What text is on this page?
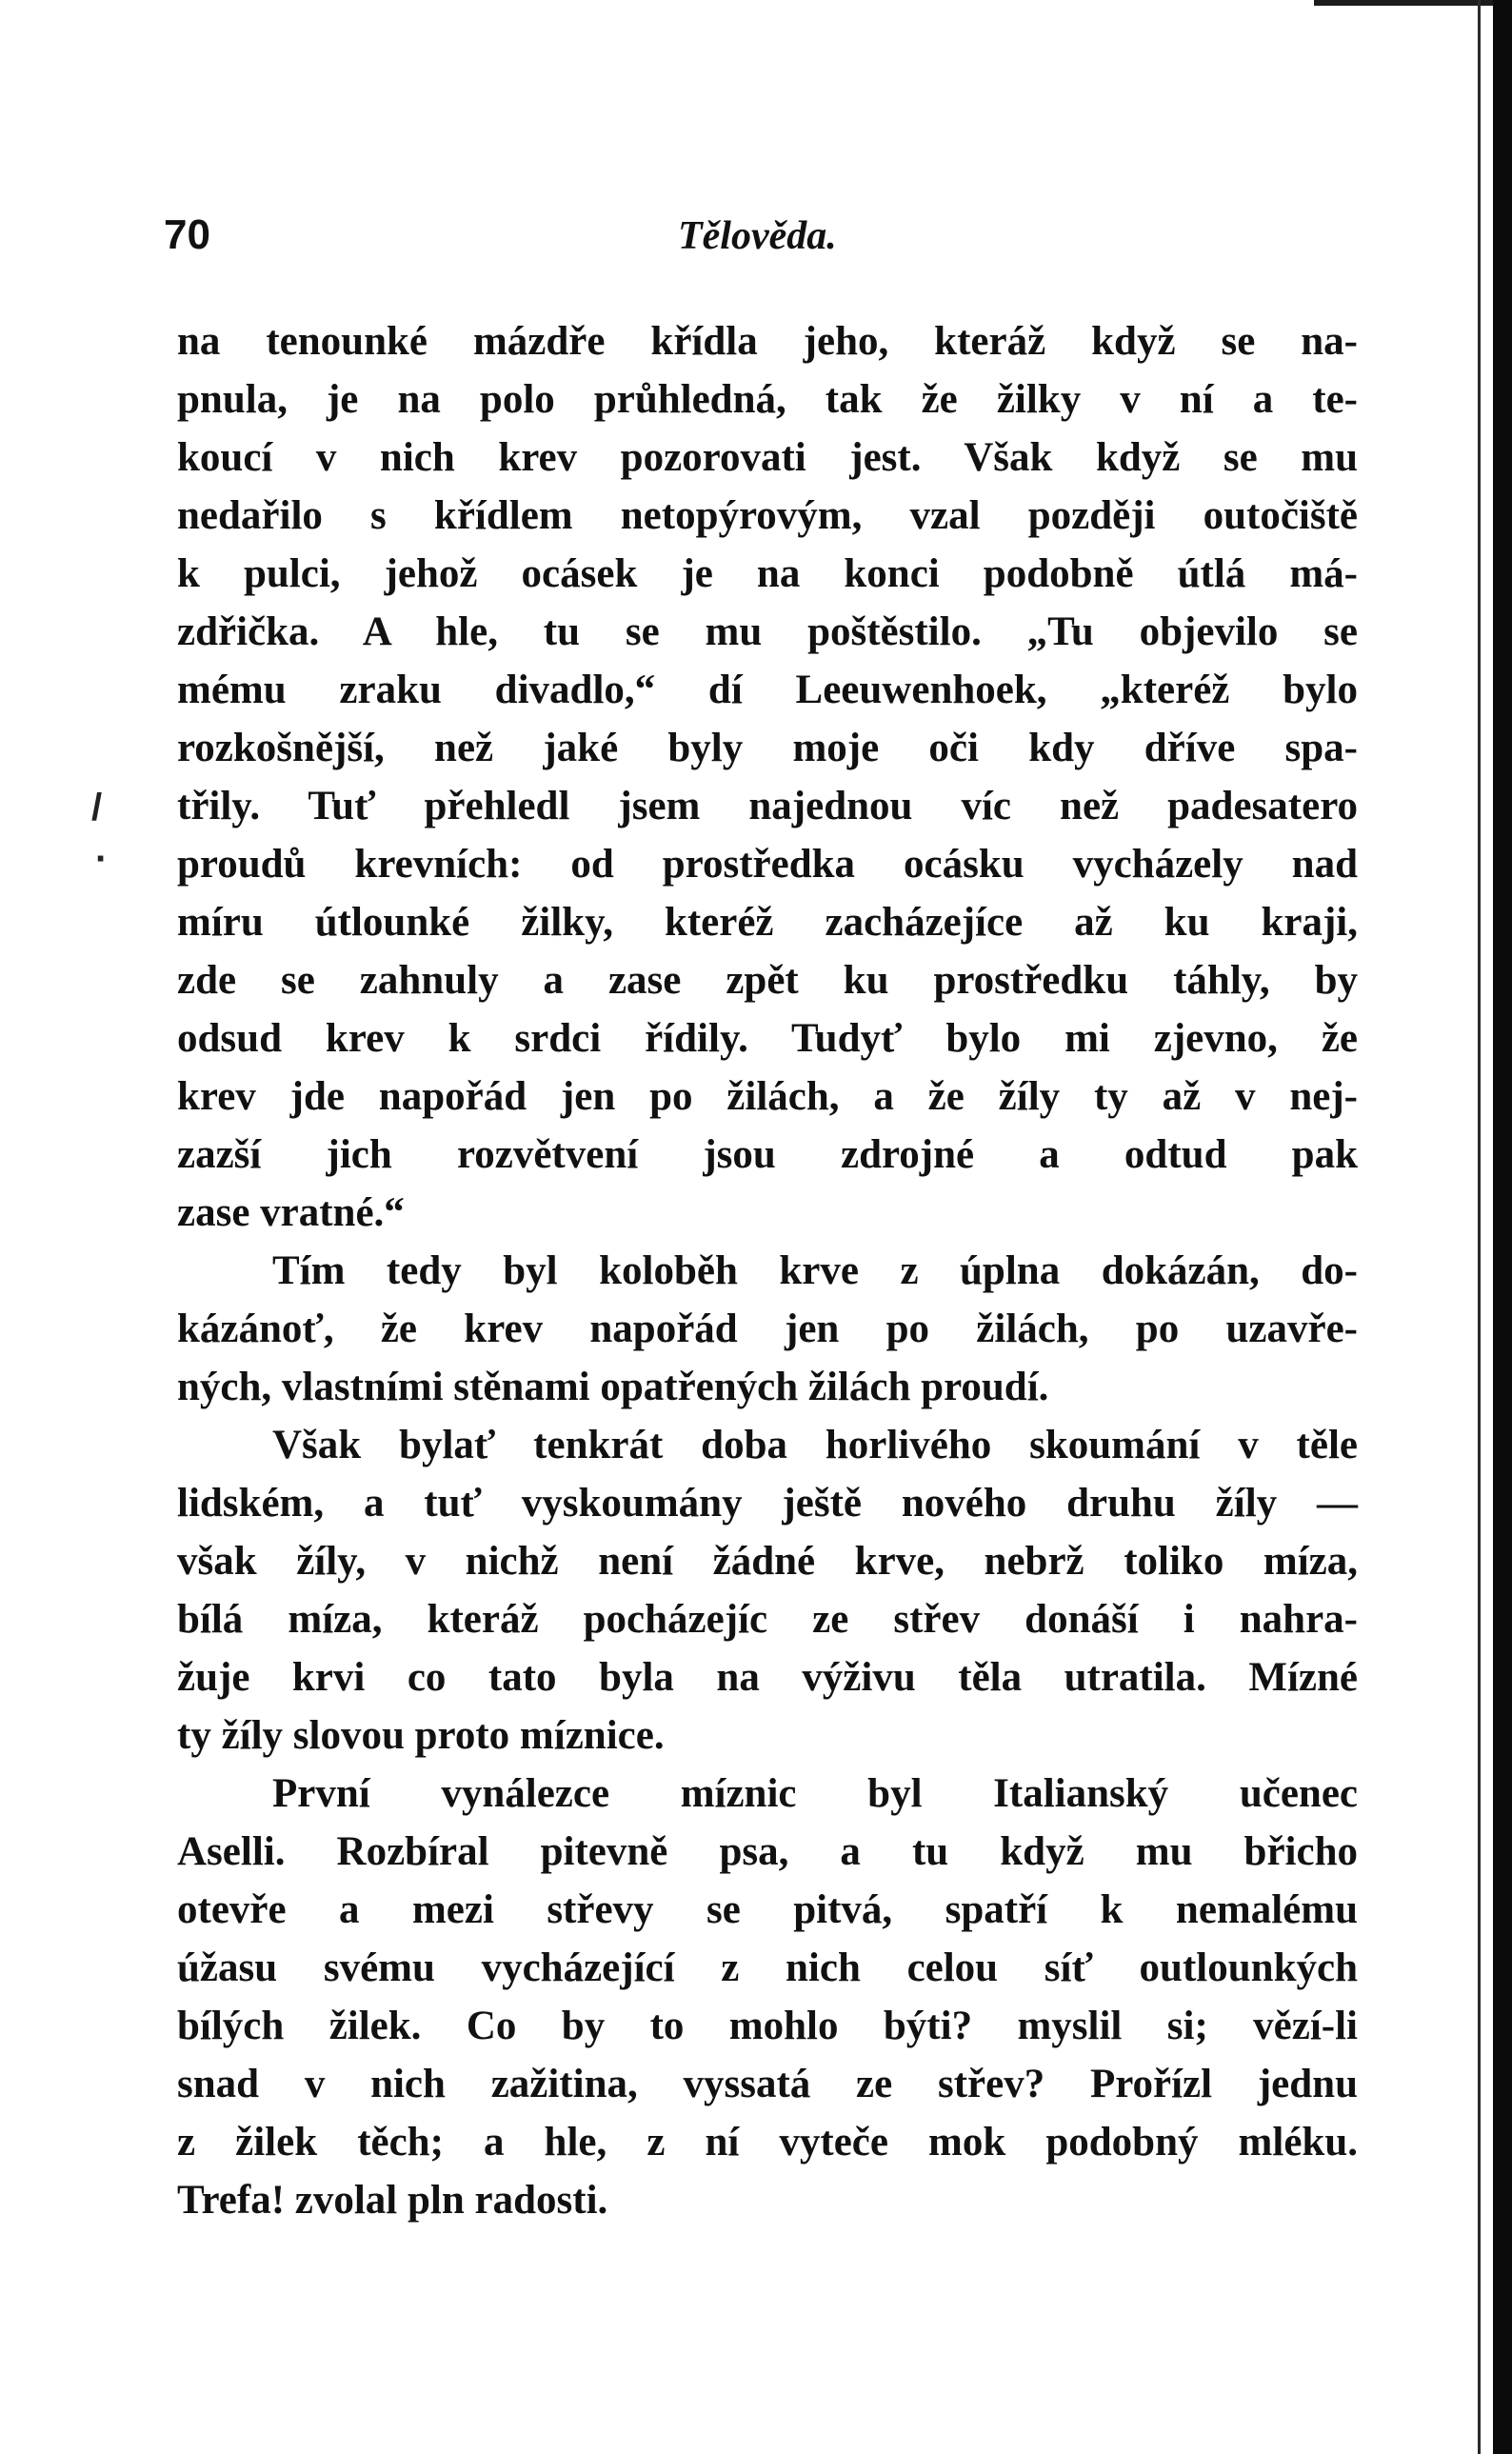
70	Tělověda.
/
·
na tenounké mázdře křídla jeho, kteráž když se na-
pnula, je na polo průhledná, tak že žilky v ní a te-
koucí v nich krev pozorovati jest. Však když se mu
nedařilo s křídlem netopýrovým, vzal později outočiště
k pulci, jehož ocásek je na konci podobně útlá má-
zdřička. A hle, tu se mu poštěstilo. „Tu objevilo se
mému zraku divadlo,“ dí Leeuwenhoek, „kteréž bylo
rozkošnější, než jaké byly moje oči kdy dříve spa-
třily. Tuť přehledl jsem najednou víc než padesatero
proudů krevních: od prostředka ocásku vycházely nad
míru útlounké žilky, kteréž zacházejíce až ku kraji,
zde se zahnuly a zase zpět ku prostředku táhly, by
odsud krev k srdci řídily. Tudyť bylo mi zjevno, že
krev jde napořád jen po žilách, a že žíly ty až v nej-
zazší jich rozvětvení jsou zdrojné a odtud pak
zase vratné.“
Tím tedy byl koloběh krve z úplna dokázán, do-
kázánoť, že krev napořád jen po žilách, po uzavře-
ných, vlastními stěnami opatřených žilách proudí.
Však bylať tenkrát doba horlivého skoumání v těle
lidském, a tuť vyskoumány ještě nového druhu žíly —
však žíly, v nichž není žádné krve, nebrž toliko míza,
bílá míza, kteráž pocházejíc ze střev donáší i nahra-
žuje krvi co tato byla na výživu těla utratila. Mízné
ty žíly slovou proto míznice.
První vynálezce míznic byl Italianský učenec
Aselli. Rozbíral pitevně psa, a tu když mu břicho
otevře a mezi střevy se pitvá, spatří k nemalému
úžasu svému vycházející z nich celou síť outlounkých
bílých žilek. Co by to mohlo býti? myslil si; vězí-li
snad v nich zažitina, vyssatá ze střev? Prořízl jednu
z žilek těch; a hle, z ní vyteče mok podobný mléku.
Trefa! zvolal pln radosti.
